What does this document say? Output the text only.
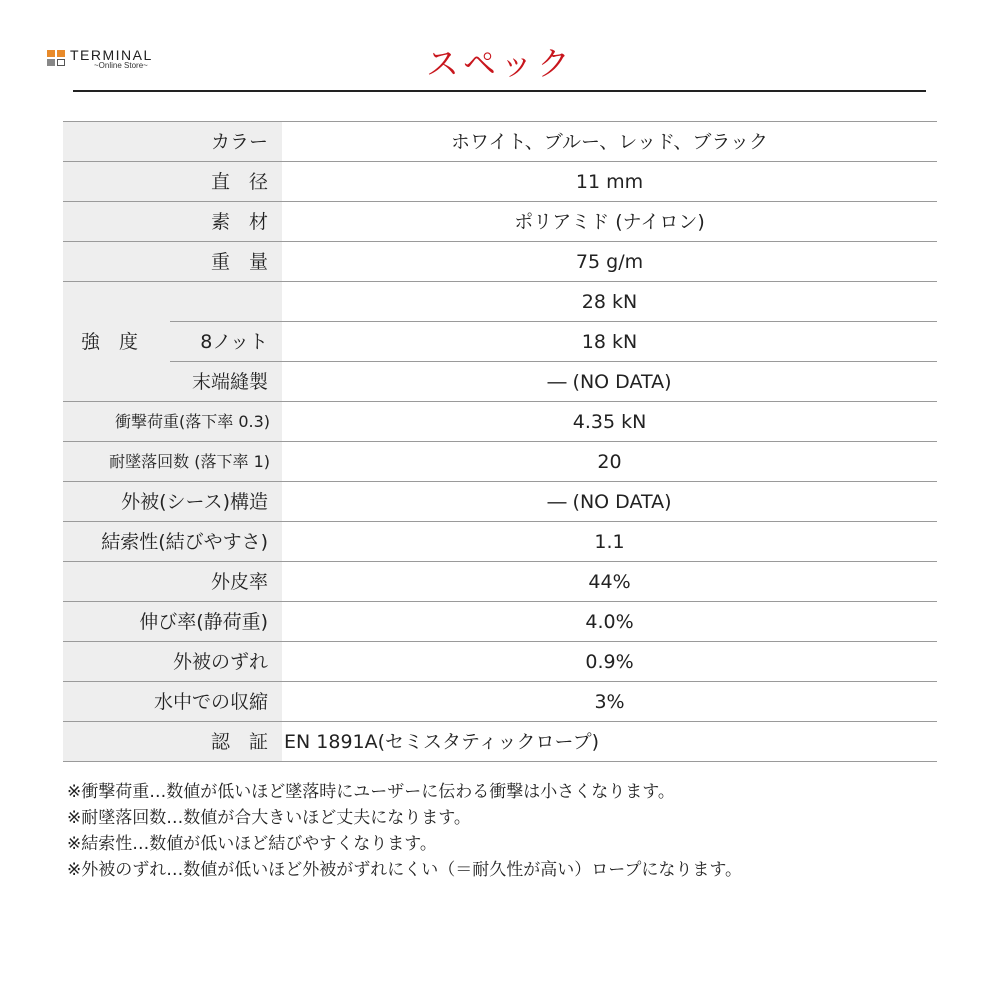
TERMINAL
~Online Store~	スペック
カラー		ホワイト、ブルー、レッド、ブラック
直　径		11 mm
素　材		ポリアミド (ナイロン)
重　量		75 g/m
強　度		28 kN
	8ノット	18 kN
	末端縫製	― (NO DATA)
衝撃荷重(落下率 0.3)		4.35 kN
耐墜落回数 (落下率 1)		20
外被(シース)構造		― (NO DATA)
結索性(結びやすさ)		1.1
外皮率		44%
伸び率(静荷重)		4.0%
外被のずれ		0.9%
水中での収縮		3%
認　証		EN 1891A(セミスタティックロープ)
※衝撃荷重…数値が低いほど墜落時にユーザーに伝わる衝撃は小さくなります。
※耐墜落回数…数値が合大きいほど丈夫になります。
※結索性…数値が低いほど結びやすくなります。
※外被のずれ…数値が低いほど外被がずれにくい（＝耐久性が高い）ロープになります。
